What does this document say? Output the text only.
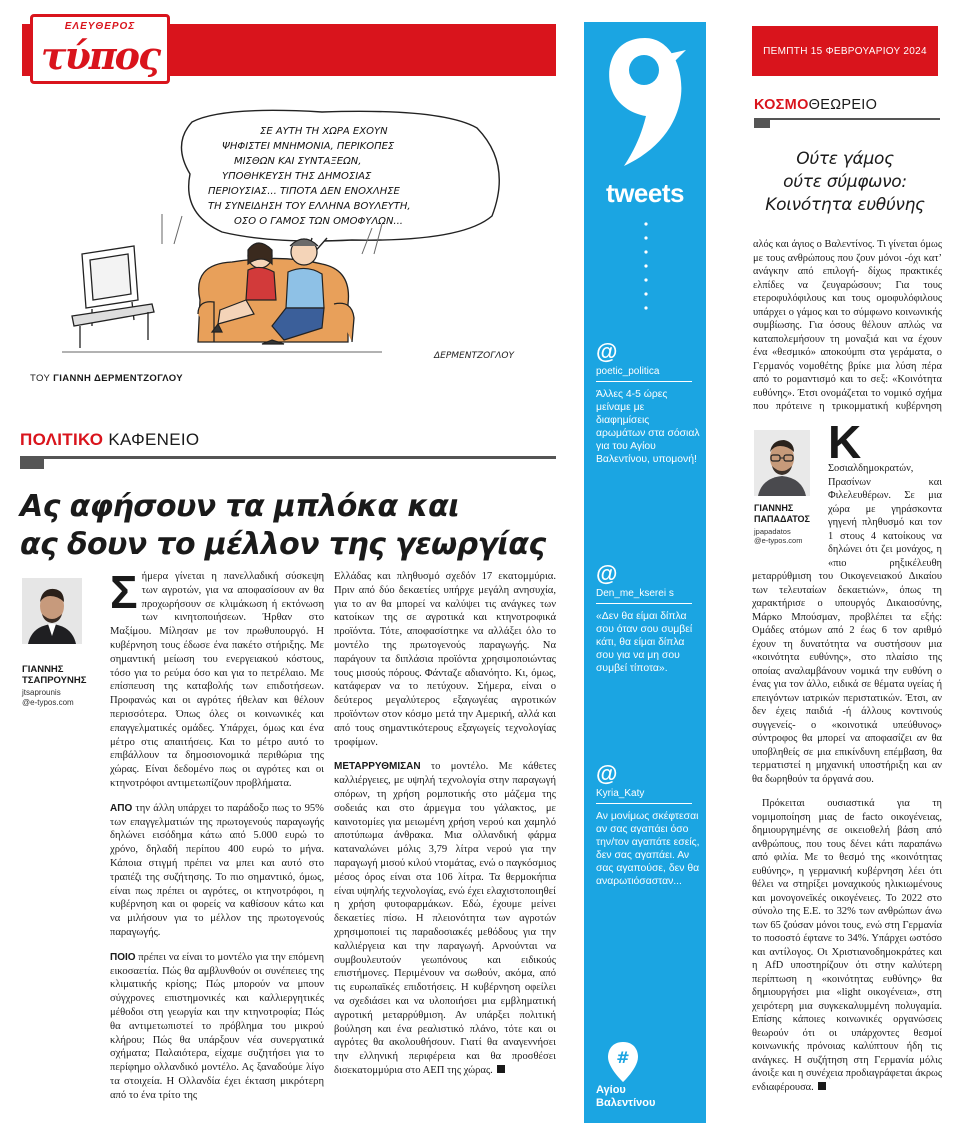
ΕΛΕΥΘΕΡΟΣ
τύπος
ΣΕ ΑΥΤΗ ΤΗ ΧΩΡΑ ΕΧΟΥΝ
ΨΗΦΙΣΤΕΙ ΜΝΗΜΟΝΙΑ, ΠΕΡΙΚΟΠΕΣ
ΜΙΣΘΩΝ ΚΑΙ ΣΥΝΤΑΞΕΩΝ,
ΥΠΟΘΗΚΕΥΣΗ ΤΗΣ ΔΗΜΟΣΙΑΣ
ΠΕΡΙΟΥΣΙΑΣ... ΤΙΠΟΤΑ ΔΕΝ ΕΝΟΧΛΗΣΕ
ΤΗ ΣΥΝΕΙΔΗΣΗ ΤΟΥ ΕΛΛΗΝΑ ΒΟΥΛΕΥΤΗ,
ΟΣΟ Ο ΓΑΜΟΣ ΤΩΝ ΟΜΟΦΥΛΩΝ...
ΔΕΡΜΕΝΤΖΟΓΛΟΥ
ΤΟΥ ΓΙΑΝΝΗ ΔΕΡΜΕΝΤΖΟΓΛΟΥ
ΠΟΛΙΤΙΚΟ ΚΑΦΕΝΕΙΟ
Ας αφήσουν τα μπλόκα και
ας δουν το μέλλον της γεωργίας
ΓΙΑΝΝΗΣ
ΤΣΑΠΡΟΥΝΗΣ
jtsaprounis
@e-typos.com

Σήμερα γίνεται η πανελλαδική σύσκεψη των αγροτών, για να αποφασίσουν αν θα προχωρήσουν σε κλιμάκωση ή εκτόνωση των κινητοποιήσεων. Ήρθαν στο Μαξίμου. Μίλησαν με τον πρωθυπουργό. Η κυβέρνηση τους έδωσε ένα πακέτο στήριξης. Με σημαντική μείωση του ενεργειακού κόστους, τόσο για το ρεύμα όσο και για το πετρέλαιο. Με επίσπευση της καταβολής των επιδοτήσεων. Προφανώς και οι αγρότες ήθελαν και θέλουν περισσότερα. Όπως όλες οι κοινωνικές και επαγγελματικές ομάδες. Υπάρχει, όμως και ένα μέτρο στις απαιτήσεις. Και το μέτρο αυτό το επιβάλλουν τα δημοσιονομικά περιθώρια της χώρας. Είναι δεδομένο πως οι αγρότες και οι κτηνοτρόφοι αντιμετωπίζουν προβλήματα.

ΑΠΟ την άλλη υπάρχει το παράδοξο πως το 95% των επαγγελματιών της πρωτογενούς παραγωγής δηλώνει εισόδημα κάτω από 5.000 ευρώ το χρόνο, δηλαδή περίπου 400 ευρώ το μήνα. Κάποια στιγμή πρέπει να μπει και αυτό στο τραπέζι της συζήτησης. Το πιο σημαντικό, όμως, είναι πως πρέπει οι αγρότες, οι κτηνοτρόφοι, η κυβέρνηση και οι φορείς να καθίσουν κάτω και να μιλήσουν για το μέλλον της πρωτογενούς παραγωγής.

ΠΟΙΟ πρέπει να είναι το μοντέλο για την επόμενη εικοσαετία. Πώς θα αμβλυνθούν οι συνέπειες της κλιματικής κρίσης; Πώς μπορούν να μπουν σύγχρονες επιστημονικές και καλλιεργητικές μέθοδοι στη γεωργία και την κτηνοτροφία; Πώς θα αντιμετωπιστεί το πρόβλημα του μικρού κλήρου; Πώς θα υπάρξουν νέα συνεργατικά σχήματα; Παλαιότερα, είχαμε συζητήσει για το περίφημο ολλανδικό μοντέλο. Ας ξαναδούμε λίγο τα στοιχεία. Η Ολλανδία έχει έκταση μικρότερη από το ένα τρίτο της

Ελλάδας και πληθυσμό σχεδόν 17 εκατομμύρια. Πριν από δύο δεκαετίες υπήρχε μεγάλη ανησυχία, για το αν θα μπορεί να καλύψει τις ανάγκες των κατοίκων της σε αγροτικά και κτηνοτροφικά προϊόντα. Τότε, αποφασίστηκε να αλλάξει όλο το μοντέλο της πρωτογενούς παραγωγής. Να παράγουν τα διπλάσια προϊόντα χρησιμοποιώντας τους μισούς πόρους. Φάνταζε αδιανόητο. Κι, όμως, κατάφεραν να το πετύχουν. Σήμερα, είναι ο δεύτερος μεγαλύτερος εξαγωγέας αγροτικών προϊόντων στον κόσμο μετά την Αμερική, αλλά και από τους σημαντικότερους εξαγωγείς τεχνολογίας τροφίμων.

ΜΕΤΑΡΡΥΘΜΙΣΑΝ το μοντέλο. Με κάθετες καλλιέργειες, με υψηλή τεχνολογία στην παραγωγή σπόρων, τη χρήση ρομποτικής στο μάζεμα της σοδειάς και στο άρμεγμα του γάλακτος, με καινοτομίες για μειωμένη χρήση νερού και χαμηλό αποτύπωμα άνθρακα. Μια ολλανδική φάρμα καταναλώνει μόλις 3,79 λίτρα νερού για την παραγωγή μισού κιλού ντομάτας, ενώ ο παγκόσμιος μέσος όρος είναι στα 106 λίτρα. Τα θερμοκήπια είναι υψηλής τεχνολογίας, ενώ έχει ελαχιστοποιηθεί η χρήση φυτοφαρμάκων. Εδώ, έχουμε μείνει δεκαετίες πίσω. Η πλειονότητα των αγροτών χρησιμοποιεί τις παραδοσιακές μεθόδους για την καλλιέργεια και την παραγωγή. Αρνούνται να συμβουλευτούν γεωπόνους και ειδικούς επιστήμονες. Περιμένουν να σωθούν, ακόμα, από τις ευρωπαϊκές επιδοτήσεις. Η κυβέρνηση οφείλει να σχεδιάσει και να υλοποιήσει μια εμβληματική αγροτική μεταρρύθμιση. Αν υπάρξει πολιτική βούληση και ένα ρεαλιστικό πλάνο, τότε και οι αγρότες θα ακολουθήσουν. Γιατί θα αναγεννήσει την ελληνική περιφέρεια και θα προσθέσει δισεκατομμύρια στο ΑΕΠ της χώρας.

tweets
@
poetic_politica
Άλλες 4-5 ώρες μείναμε με διαφημίσεις αρωμάτων στα σόσιαλ για του Αγίου Βαλεντίνου, υπομονή!
@
Den_me_kserei s
«Δεν θα είμαι δίπλα σου όταν σου συμβεί κάτι, θα είμαι δίπλα σου για να μη σου συμβεί τίποτα».
@
Kyria_Katy
Αν μονίμως σκέφτεσαι αν σας αγαπάει όσο την/τον αγαπάτε εσείς, δεν σας αγαπάει. Αν σας αγαπούσε, δεν θα αναρωτιόσασταν...
#
Αγίου
Βαλεντίνου
ΠΕΜΠΤΗ 15 ΦΕΒΡΟΥΑΡΙΟΥ 2024
ΚΟΣΜΟΘΕΩΡΕΙΟ
Ούτε γάμος
ούτε σύμφωνο:
Κοινότητα ευθύνης

Κ
αλός και άγιος ο Βαλεντίνος. Τι γίνεται όμως με τους ανθρώπους που ζουν μόνοι -όχι κατ’ ανάγκην από επιλογή- δίχως πρακτικές ελπίδες να ζευγαρώσουν; Για τους ετεροφυλόφιλους και τους ομοφυλόφιλους υπάρχει ο γάμος και το σύμφωνο κοινωνικής συμβίωσης. Για όσους θέλουν απλώς να καταπολεμήσουν τη μοναξιά και να έχουν ένα «θεσμικό» αποκούμπι στα γεράματα, ο Γερμανός νομοθέτης βρίκε μια λύση πέρα από το ρομαντισμό και το σεξ: «Κοινότητα ευθύνης». Έτσι ονομάζεται το νομικό σχήμα που πρότεινε η τρικομματική κυβέρνηση Σοσιαλδημοκρατών, Πρασίνων και Φιλελευθέρων. Σε μια χώρα με γηράσκοντα γηγενή πληθυσμό και τον 1 στους 4 κατοίκους να δηλώνει ότι ζει μονάχος, η «πιο ρηξικέλευθη μεταρρύθμιση του Οικογενειακού Δικαίου των τελευταίων δεκαετιών», όπως τη χαρακτήρισε ο υπουργός Δικαιοσύνης, Μάρκο Μπούσμαν, προβλέπει τα εξής: Ομάδες ατόμων από 2 έως 6 τον αριθμό έχουν τη δυνατότητα να συστήσουν μια «κοινότητα ευθύνης», στο πλαίσιο της οποίας αναλαμβάνουν νομικά την ευθύνη ο ένας για τον άλλο, ειδικά σε θέματα υγείας ή επειγόντων ιατρικών περιστατικών. Έτσι, αν δεν έχεις παιδιά -ή άλλους κοντινούς συγγενείς- ο «κοινοτικά υπεύθυνος» σύντροφος θα μπορεί να αποφασίζει αν θα υποβληθείς σε μια επικίνδυνη επέμβαση, θα τερματιστεί η μηχανική υποστήριξη και αν θα δωρηθούν τα όργανά σου.

Πρόκειται ουσιαστικά για τη νομιμοποίηση μιας de facto οικογένειας, δημιουργημένης σε οικειοθελή βάση από ανθρώπους, που τους δένει κάτι παραπάνω από φιλία. Με το θεσμό της «κοινότητας ευθύνης», η γερμανική κυβέρνηση λέει ότι θέλει να στηρίξει μοναχικούς ηλικιωμένους και μονογονεϊκές οικογένειες. Το 2022 στο σύνολο της Ε.Ε. το 32% των ανθρώπων άνω των 65 ζούσαν μόνοι τους, ενώ στη Γερμανία το ποσοστό έφτανε το 34%. Υπάρχει ωστόσο και αντίλογος. Οι Χριστιανοδημοκράτες και η AfD υποστηρίζουν ότι στην καλύτερη περίπτωση η «κοινότητας ευθύνης» θα δημιουργήσει μια «light οικογένεια», στη χειρότερη μια συγκεκαλυμμένη πολυγαμία. Επίσης κάποιες κοινωνικές οργανώσεις θεωρούν ότι οι υπάρχοντες θεσμοί κοινωνικής πρόνοιας καλύπτουν ήδη τις ανάγκες. Η συζήτηση στη Γερμανία μόλις άνοιξε και η συνέχεια προδιαγράφεται άκρως ενδιαφέρουσα.

ΓΙΑΝΝΗΣ
ΠΑΠΑΔΑΤΟΣ
jpapadatos
@e-typos.com
